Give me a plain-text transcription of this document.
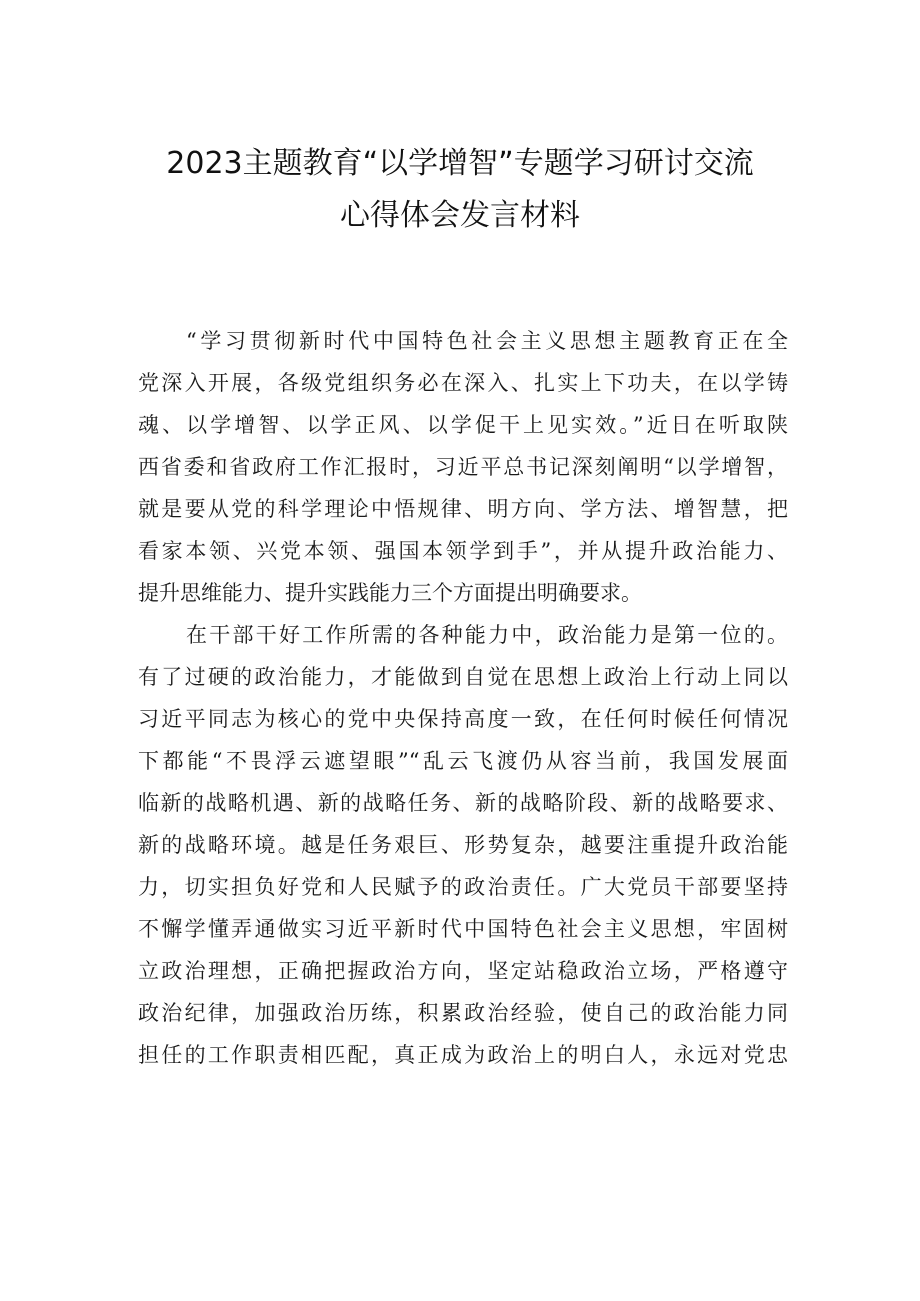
2023主题教育“以学增智”专题学习研讨交流
心得体会发言材料
“学习贯彻新时代中国特色社会主义思想主题教育正在全
党深入开展，各级党组织务必在深入、扎实上下功夫，在以学铸
魂、以学增智、以学正风、以学促干上见实效。”近日在听取陕
西省委和省政府工作汇报时，习近平总书记深刻阐明“以学增智，
就是要从党的科学理论中悟规律、明方向、学方法、增智慧，把
看家本领、兴党本领、强国本领学到手”，并从提升政治能力、
提升思维能力、提升实践能力三个方面提出明确要求。
在干部干好工作所需的各种能力中，政治能力是第一位的。
有了过硬的政治能力，才能做到自觉在思想上政治上行动上同以
习近平同志为核心的党中央保持高度一致，在任何时候任何情况
下都能“不畏浮云遮望眼”“乱云飞渡仍从容当前，我国发展面
临新的战略机遇、新的战略任务、新的战略阶段、新的战略要求、
新的战略环境。越是任务艰巨、形势复杂，越要注重提升政治能
力，切实担负好党和人民赋予的政治责任。广大党员干部要坚持
不懈学懂弄通做实习近平新时代中国特色社会主义思想，牢固树
立政治理想，正确把握政治方向，坚定站稳政治立场，严格遵守
政治纪律，加强政治历练，积累政治经验，使自己的政治能力同
担任的工作职责相匹配，真正成为政治上的明白人，永远对党忠
